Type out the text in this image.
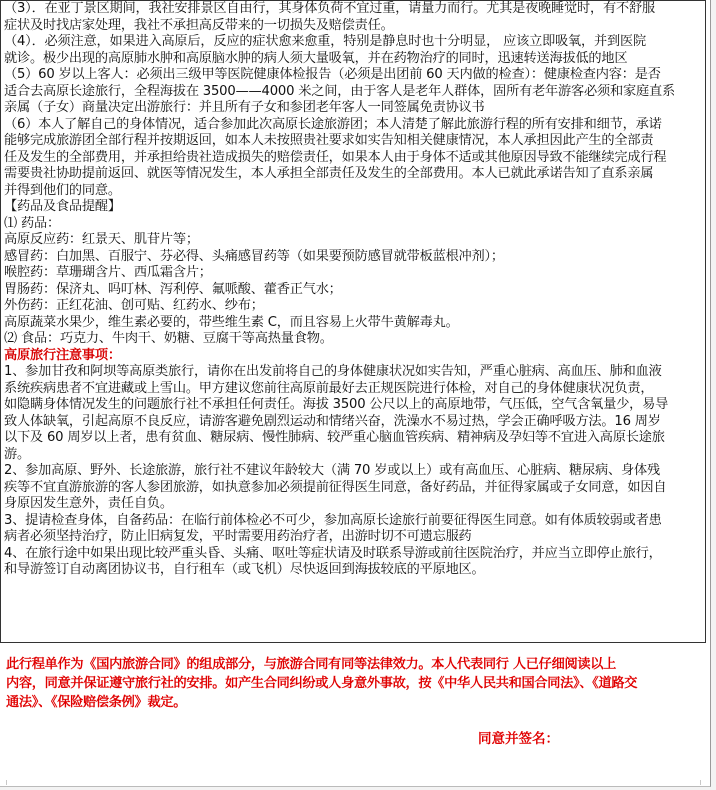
（3）．在亚丁景区期间，我社安排景区自由行，其身体负荷不宜过重，请量力而行。尤其是夜晚睡觉时，有不舒服
症状及时找店家处理，我社不承担高反带来的一切损失及赔偿责任。
（4）．必须注意，如果进入高原后，反应的症状愈来愈重，特别是静息时也十分明显， 应该立即吸氧，并到医院
就诊。极少出现的高原肺水肿和高原脑水肿的病人须大量吸氧，并在药物治疗的同时，迅速转送海拔低的地区
（5）60 岁以上客人：必须出三级甲等医院健康体检报告（必须是出团前 60 天内做的检查）：健康检查内容：是否
适合去高原长途旅行，全程海拔在 3500——4000 米之间，由于客人是老年人群体，固所有老年游客必须和家庭直系
亲属（子女）商量决定出游旅行：并且所有子女和参团老年客人一同签属免责协议书
（6）本人了解自己的身体情况，适合参加此次高原长途旅游团；本人清楚了解此旅游行程的所有安排和细节，承诺
能够完成旅游团全部行程并按期返回，如本人未按照贵社要求如实告知相关健康情况，本人承担因此产生的全部责
任及发生的全部费用，并承担给贵社造成损失的赔偿责任，如果本人由于身体不适或其他原因导致不能继续完成行程
需要贵社协助提前返回、就医等情况发生，本人承担全部责任及发生的全部费用。本人已就此承诺告知了直系亲属
并得到他们的同意。
【药品及食品提醒】
⑴ 药品：
高原反应药：红景天、肌苷片等；
感冒药：白加黑、百服宁、芬必得、头痛感冒药等（如果要预防感冒就带板蓝根冲剂）；
喉腔药：草珊瑚含片、西瓜霜含片；
胃肠药：保济丸、吗叮林、泻利停、氟哌酸、藿香正气水；
外伤药：正红花油、创可贴、红药水、纱布；
高原蔬菜水果少，维生素必要的，带些维生素 C，而且容易上火带牛黄解毒丸。
⑵ 食品：巧克力、牛肉干、奶糖、豆腐干等高热量食物。
高原旅行注意事项：
1、参加甘孜和阿坝等高原类旅行，请你在出发前将自己的身体健康状况如实告知，严重心脏病、高血压、肺和血液
系统疾病患者不宜进藏或上雪山。甲方建议您前往高原前最好去正规医院进行体检，对自己的身体健康状况负责，
如隐瞒身体情况发生的问题旅行社不承担任何责任。海拔 3500 公尺以上的高原地带，气压低，空气含氧量少，易导
致人体缺氧，引起高原不良反应，请游客避免剧烈运动和情绪兴奋，洗澡水不易过热，学会正确呼吸方法。16 周岁
以下及 60 周岁以上者，患有贫血、糖尿病、慢性肺病、较严重心脑血管疾病、精神病及孕妇等不宜进入高原长途旅
游。
2、参加高原、野外、长途旅游，旅行社不建议年龄较大（满 70 岁或以上）或有高血压、心脏病、糖尿病、身体残
疾等不宜直游旅游的客人参团旅游，如执意参加必须提前征得医生同意，备好药品，并征得家属或子女同意，如因自
身原因发生意外，责任自负。
3、提请检查身体，自备药品：在临行前体检必不可少，参加高原长途旅行前要征得医生同意。如有体质较弱或者患
病者必须坚持治疗，防止旧病复发，平时需要用药治疗者，出游时切不可遗忘服药
4、在旅行途中如果出现比较严重头昏、头痛、呕吐等症状请及时联系导游或前往医院治疗，并应当立即停止旅行，
和导游签订自动离团协议书，自行租车（或飞机）尽快返回到海拔较底的平原地区。
此行程单作为《国内旅游合同》的组成部分，与旅游合同有同等法律效力。本人代表同行 人已仔细阅读以上
内容，同意并保证遵守旅行社的安排。如产生合同纠纷或人身意外事故，按《中华人民共和国合同法》、《道路交
通法》、《保险赔偿条例》裁定。
同意并签名：
